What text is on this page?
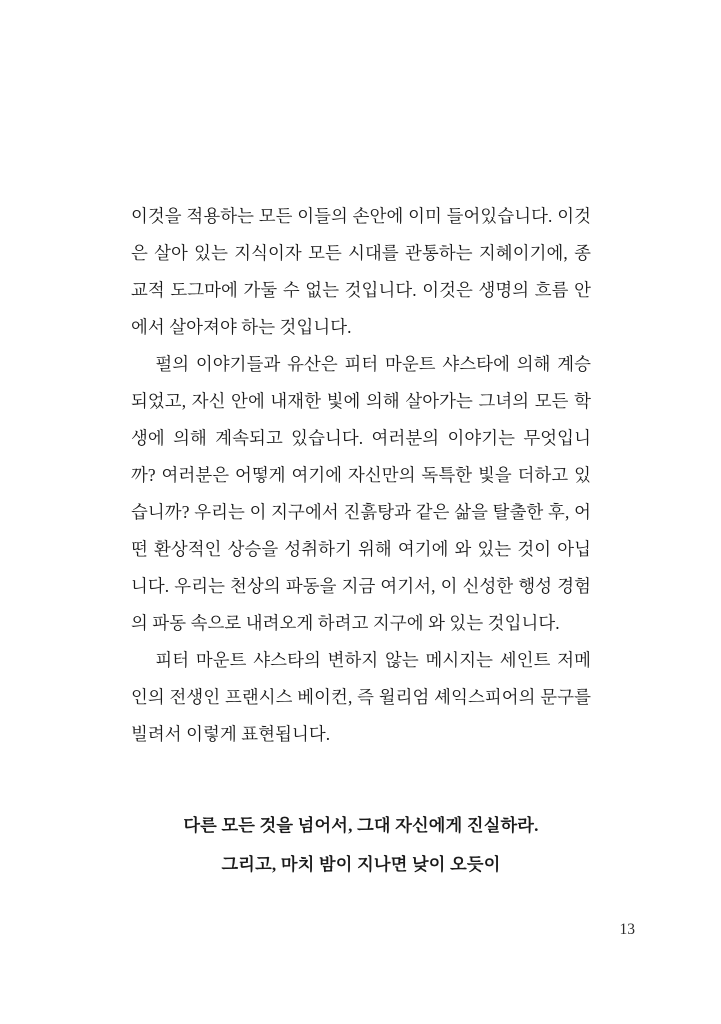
이것을 적용하는 모든 이들의 손안에 이미 들어있습니다. 이것은 살아 있는 지식이자 모든 시대를 관통하는 지혜이기에, 종교적 도그마에 가둘 수 없는 것입니다. 이것은 생명의 흐름 안에서 살아져야 하는 것입니다.

펄의 이야기들과 유산은 피터 마운트 샤스타에 의해 계승되었고, 자신 안에 내재한 빛에 의해 살아가는 그녀의 모든 학생에 의해 계속되고 있습니다. 여러분의 이야기는 무엇입니까? 여러분은 어떻게 여기에 자신만의 독특한 빛을 더하고 있습니까? 우리는 이 지구에서 진흙탕과 같은 삶을 탈출한 후, 어떤 환상적인 상승을 성취하기 위해 여기에 와 있는 것이 아닙니다. 우리는 천상의 파동을 지금 여기서, 이 신성한 행성 경험의 파동 속으로 내려오게 하려고 지구에 와 있는 것입니다.

피터 마운트 샤스타의 변하지 않는 메시지는 세인트 저메인의 전생인 프랜시스 베이컨, 즉 윌리엄 셰익스피어의 문구를 빌려서 이렇게 표현됩니다.

다른 모든 것을 넘어서, 그대 자신에게 진실하라.
그리고, 마치 밤이 지나면 낮이 오듯이
13
